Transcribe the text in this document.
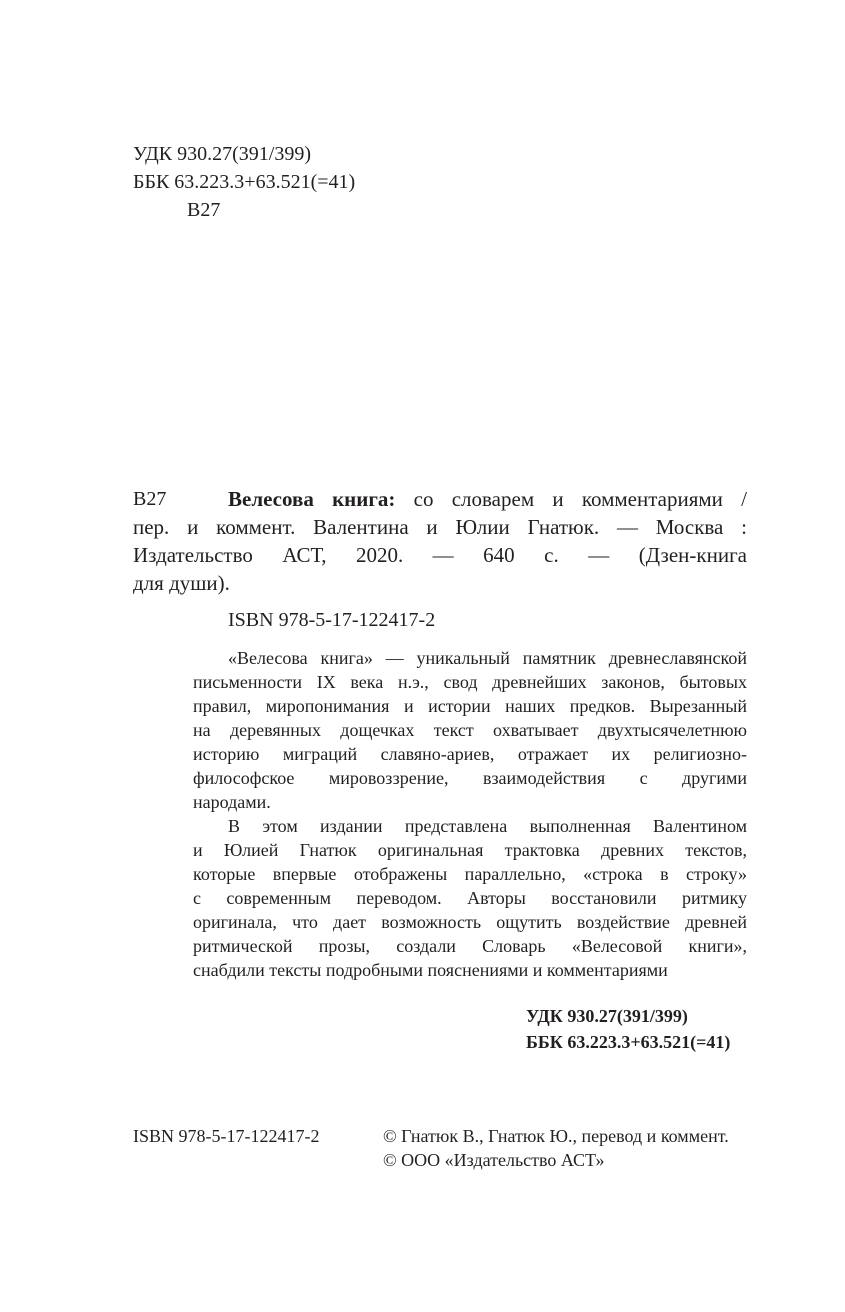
УДК 930.27(391/399)
ББК 63.223.3+63.521(=41)
В27
В27	Велесова книга: со словарем и комментариями /
пер. и коммент. Валентина и Юлии Гнатюк. — Москва :
Издательство АСТ, 2020. — 640 с. — (Дзен-книга
для души).
ISBN 978-5-17-122417-2
«Велесова книга» — уникальный памятник древнеславянской
письменности IX века н.э., свод древнейших законов, бытовых
правил, миропонимания и истории наших предков. Вырезанный
на деревянных дощечках текст охватывает двухтысячелетнюю
историю миграций славяно-ариев, отражает их религиозно-
философское мировоззрение, взаимодействия с другими
народами.
В этом издании представлена выполненная Валентином
и Юлией Гнатюк оригинальная трактовка древних текстов,
которые впервые отображены параллельно, «строка в строку»
с современным переводом. Авторы восстановили ритмику
оригинала, что дает возможность ощутить воздействие древней
ритмической прозы, создали Словарь «Велесовой книги»,
снабдили тексты подробными пояснениями и комментариями
УДК 930.27(391/399)
ББК 63.223.3+63.521(=41)
ISBN 978-5-17-122417-2	© Гнатюк В., Гнатюк Ю., перевод и коммент.
© ООО «Издательство АСТ»
